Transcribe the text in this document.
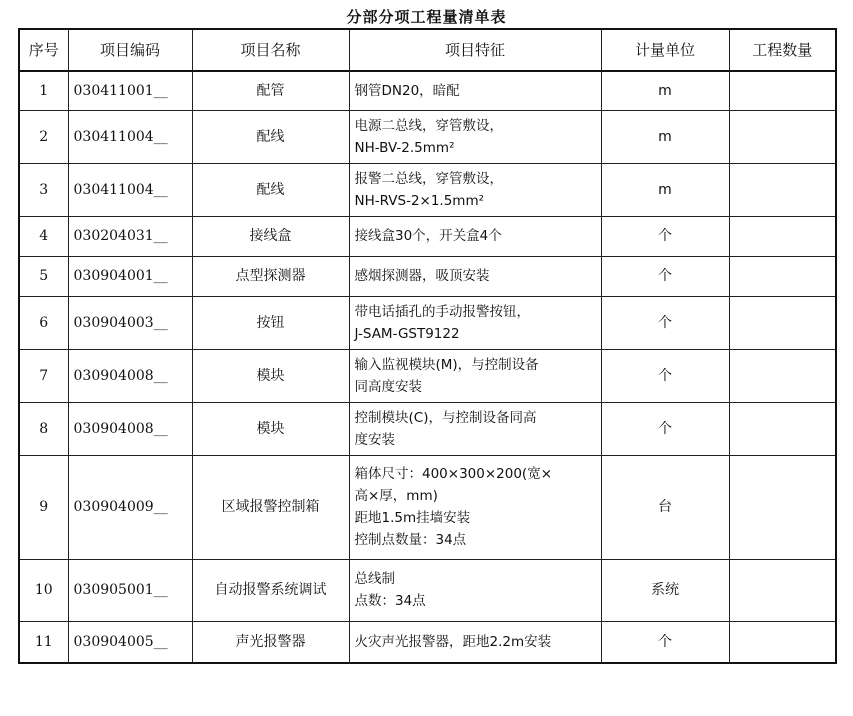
分部分项工程量清单表
序号	项目编码	项目名称	项目特征	计量单位	工程数量
1	030411001__	配管	钢管DN20，暗配	m	
2	030411004__	配线	电源二总线，穿管敷设，
NH-BV-2.5mm²	m	
3	030411004__	配线	报警二总线，穿管敷设，
NH-RVS-2×1.5mm²	m	
4	030204031__	接线盒	接线盒30个，开关盒4个	个	
5	030904001__	点型探测器	感烟探测器，吸顶安装	个	
6	030904003__	按钮	带电话插孔的手动报警按钮，
J-SAM-GST9122	个	
7	030904008__	模块	输入监视模块(M)，与控制设备
同高度安装	个	
8	030904008__	模块	控制模块(C)，与控制设备同高
度安装	个	
9	030904009__	区域报警控制箱	箱体尺寸：400×300×200(宽×
高×厚，mm)
距地1.5m挂墙安装
控制点数量：34点	台	
10	030905001__	自动报警系统调试	总线制
点数：34点	系统	
11	030904005__	声光报警器	火灾声光报警器，距地2.2m安装	个	
